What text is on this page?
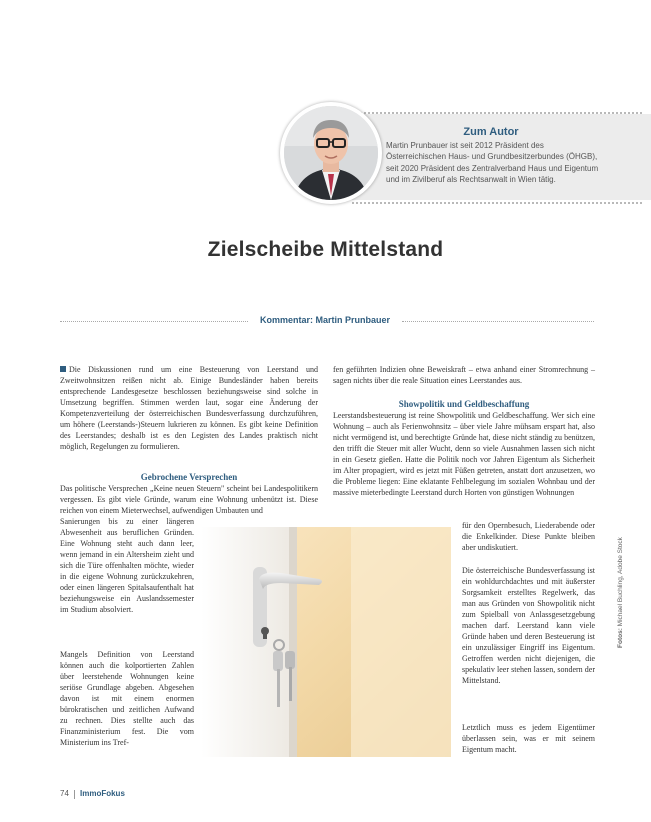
Zum Autor
Martin Prunbauer ist seit 2012 Präsident des Österreichischen Haus- und Grundbesitzerbundes (ÖHGB), seit 2020 Präsident des Zentralverband Haus und Eigentum und im Zivilberuf als Rechtsanwalt in Wien tätig.
Zielscheibe Mittelstand
Kommentar: Martin Prunbauer

Die Diskussionen rund um eine Besteuerung von Leerstand und Zweitwohnsitzen reißen nicht ab. Einige Bundesländer haben bereits entsprechende Landesgesetze beschlossen beziehungsweise sind solche in Umsetzung begriffen. Stimmen werden laut, sogar eine Änderung der Kompetenzverteilung der österreichischen Bundesverfassung durchzuführen, um höhere (Leerstands-)Steuern lukrieren zu können. Es gibt keine Definition des Leerstandes; deshalb ist es den Legisten des Landes praktisch nicht möglich, Regelungen zu formulieren.

Gebrochene Versprechen
Das politische Versprechen „Keine neuen Steuern" scheint bei Landespolitikern vergessen. Es gibt viele Gründe, warum eine Wohnung unbenützt ist. Diese reichen von einem Mieterwechsel, aufwendigen Umbauten und
Sanierungen bis zu einer längeren Abwesenheit aus beruflichen Gründen. Eine Wohnung steht auch dann leer, wenn jemand in ein Altersheim zieht und sich die Türe offenhalten möchte, wieder in die eigene Wohnung zurückzukehren, oder einen längeren Spitalsaufenthalt hat beziehungsweise ein Auslandssemester im Studium absolviert.
Mangels Definition von Leerstand können auch die kolportierten Zahlen über leerstehende Wohnungen keine seriöse Grundlage abgeben. Abgesehen davon ist mit einem enormen bürokratischen und zeitlichen Aufwand zu rechnen. Dies stellte auch das Finanzministerium fest. Die vom Ministerium ins Tref-
fen geführten Indizien ohne Beweiskraft – etwa anhand einer Stromrechnung – sagen nichts über die reale Situation eines Leerstandes aus.
Showpolitik und Geldbeschaffung
Leerstandsbesteuerung ist reine Showpolitik und Geldbeschaffung. Wer sich eine Wohnung – auch als Ferienwohnsitz – über viele Jahre mühsam erspart hat, also nicht vermögend ist, und berechtigte Gründe hat, diese nicht ständig zu benützen, den trifft die Steuer mit aller Wucht, denn so viele Ausnahmen lassen sich nicht in ein Gesetz gießen. Hatte die Politik noch vor Jahren Eigentum als Sicherheit im Alter propagiert, wird es jetzt mit Füßen getreten, anstatt dort anzusetzen, wo die Probleme liegen: Eine eklatante Fehlbelegung im sozialen Wohnbau und der massive mieterbedingte Leerstand durch Horten von günstigen Wohnungen
für den Opernbesuch, Liederabende oder die Enkelkinder. Diese Punkte bleiben aber undiskutiert.
Die österreichische Bundesverfassung ist ein wohldurchdachtes und mit äußerster Sorgsamkeit erstelltes Regelwerk, das man aus Gründen von Showpolitik nicht zum Spielball von Anlassgesetzgebung machen darf. Leerstand kann viele Gründe haben und deren Besteuerung ist ein unzulässiger Eingriff ins Eigentum. Getroffen werden nicht diejenigen, die spekulativ leer stehen lassen, sondern der Mittelstand.
Letztlich muss es jedem Eigentümer überlassen sein, was er mit seinem Eigentum macht.
Fotos: Michael Buchling, Adobe Stock
74 ImmoFokus
